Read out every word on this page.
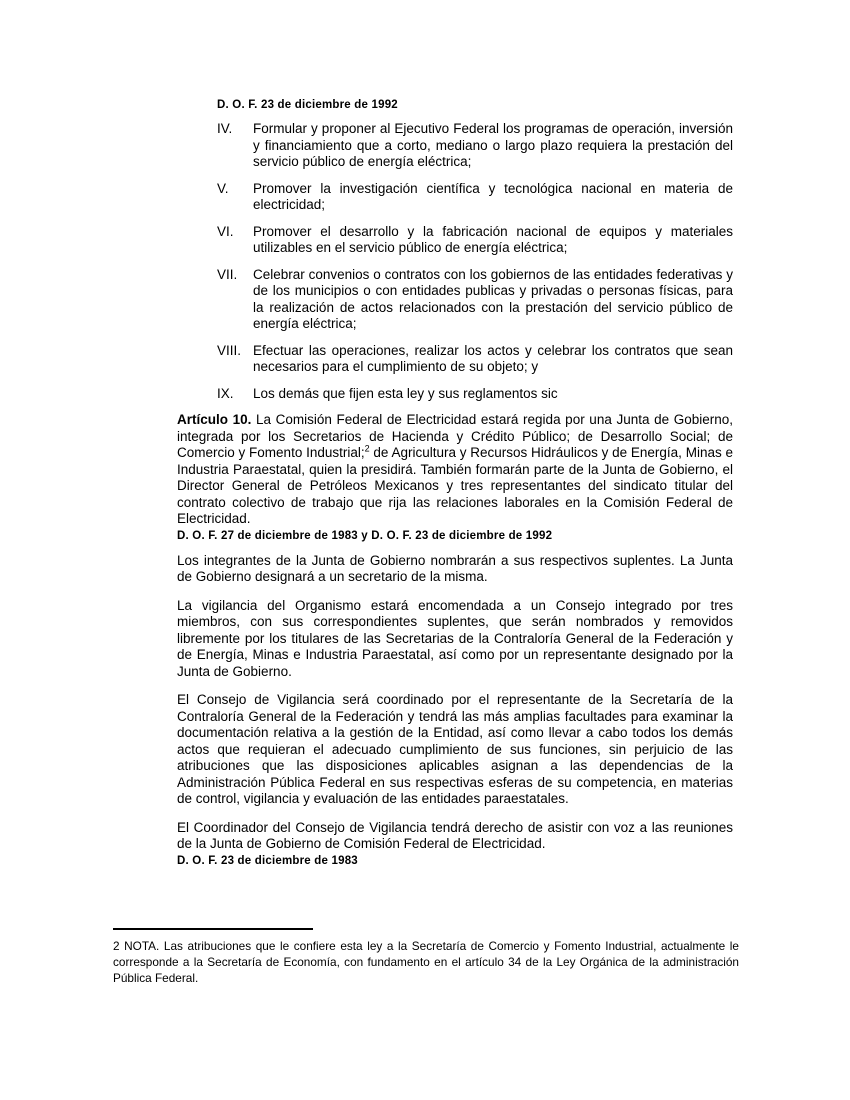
D. O. F. 23 de diciembre de 1992
IV. Formular y proponer al Ejecutivo Federal los programas de operación, inversión y financiamiento que a corto, mediano o largo plazo requiera la prestación del servicio público de energía eléctrica;
V. Promover la investigación científica y tecnológica nacional en materia de electricidad;
VI. Promover el desarrollo y la fabricación nacional de equipos y materiales utilizables en el servicio público de energía eléctrica;
VII. Celebrar convenios o contratos con los gobiernos de las entidades federativas y de los municipios o con entidades publicas y privadas o personas físicas, para la realización de actos relacionados con la prestación del servicio público de energía eléctrica;
VIII. Efectuar las operaciones, realizar los actos y celebrar los contratos que sean necesarios para el cumplimiento de su objeto; y
IX. Los demás que fijen esta ley y sus reglamentos sic

Artículo 10. La Comisión Federal de Electricidad estará regida por una Junta de Gobierno, integrada por los Secretarios de Hacienda y Crédito Público; de Desarrollo Social; de Comercio y Fomento Industrial;$^2$ de Agricultura y Recursos Hidráulicos y de Energía, Minas e Industria Paraestatal, quien la presidirá. También formarán parte de la Junta de Gobierno, el Director General de Petróleos Mexicanos y tres representantes del sindicato titular del contrato colectivo de trabajo que rija las relaciones laborales en la Comisión Federal de Electricidad.

D. O. F. 27 de diciembre de 1983 y D. O. F. 23 de diciembre de 1992

Los integrantes de la Junta de Gobierno nombrarán a sus respectivos suplentes. La Junta de Gobierno designará a un secretario de la misma.

La vigilancia del Organismo estará encomendada a un Consejo integrado por tres miembros, con sus correspondientes suplentes, que serán nombrados y removidos libremente por los titulares de las Secretarias de la Contraloría General de la Federación y de Energía, Minas e Industria Paraestatal, así como por un representante designado por la Junta de Gobierno.

El Consejo de Vigilancia será coordinado por el representante de la Secretaría de la Contraloría General de la Federación y tendrá las más amplias facultades para examinar la documentación relativa a la gestión de la Entidad, así como llevar a cabo todos los demás actos que requieran el adecuado cumplimiento de sus funciones, sin perjuicio de las atribuciones que las disposiciones aplicables asignan a las dependencias de la Administración Pública Federal en sus respectivas esferas de su competencia, en materias de control, vigilancia y evaluación de las entidades paraestatales.

El Coordinador del Consejo de Vigilancia tendrá derecho de asistir con voz a las reuniones de la Junta de Gobierno de Comisión Federal de Electricidad.

D. O. F. 23 de diciembre de 1983

2 NOTA. Las atribuciones que le confiere esta ley a la Secretaría de Comercio y Fomento Industrial, actualmente le corresponde a la Secretaría de Economía, con fundamento en el artículo 34 de la Ley Orgánica de la administración Pública Federal.
